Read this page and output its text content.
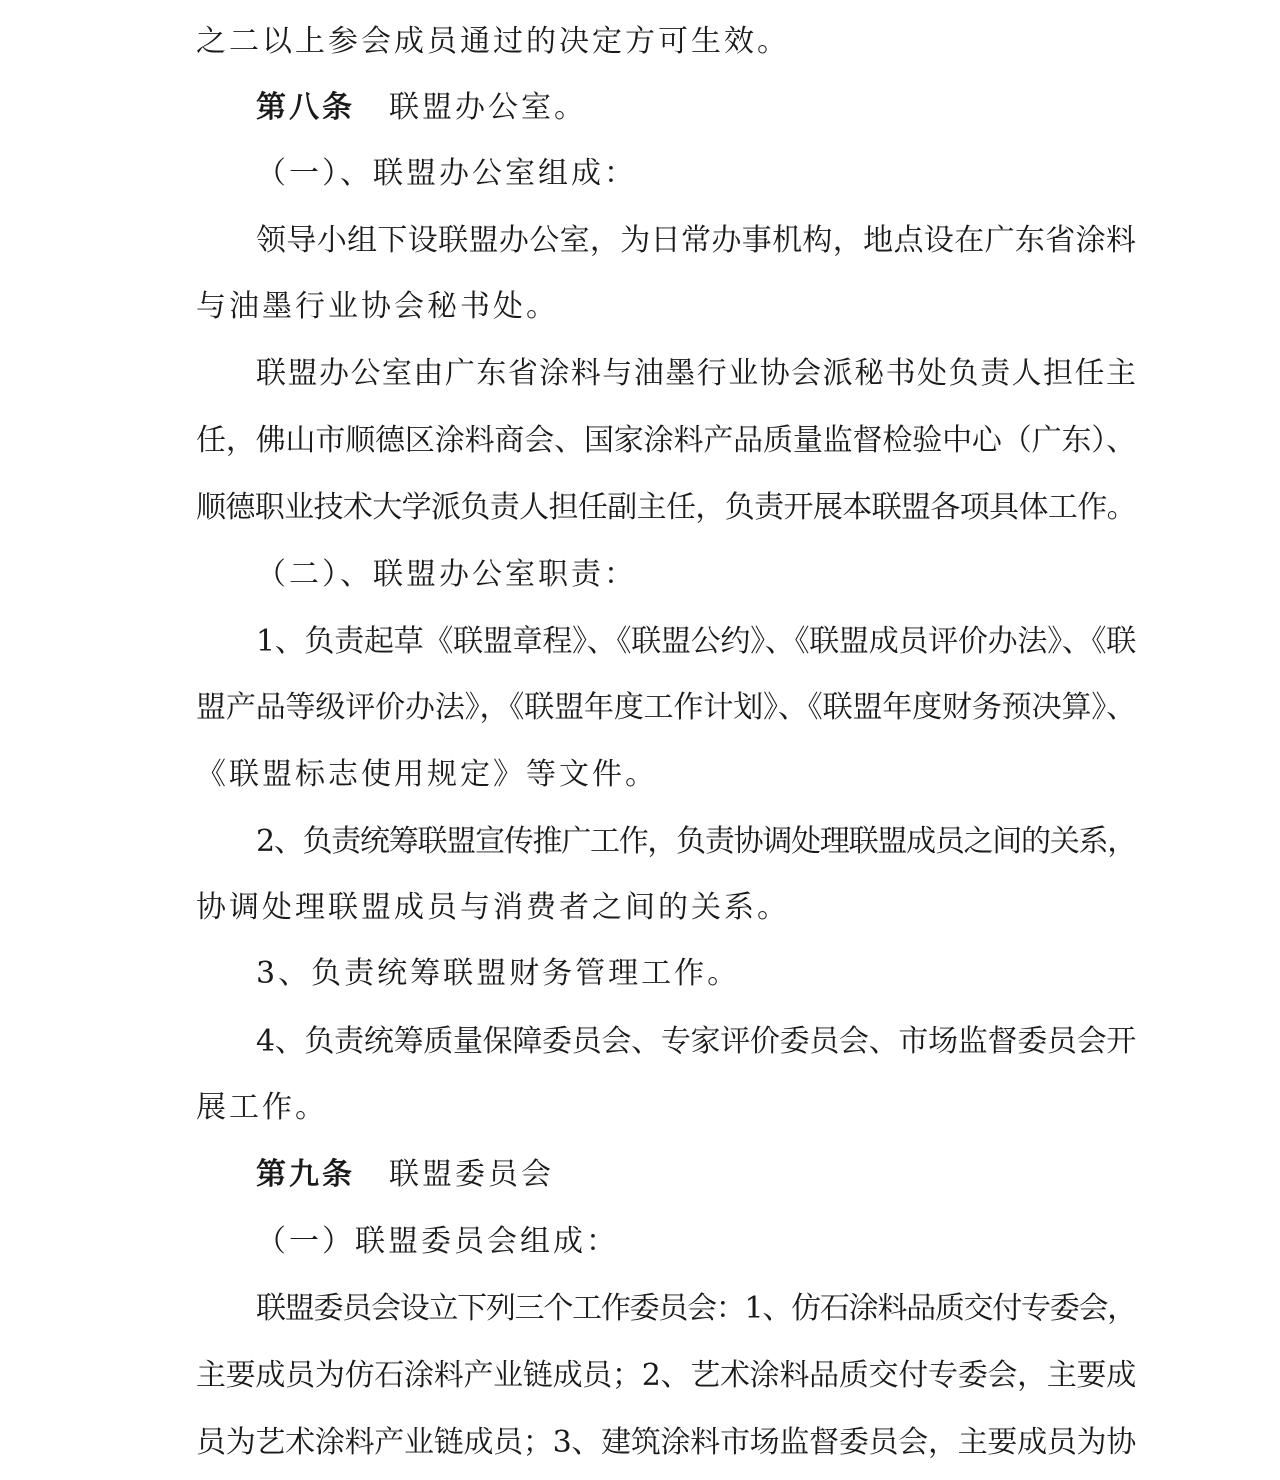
之二以上参会成员通过的决定方可生效。
第八条 联盟办公室。
（一）、联盟办公室组成：
领导小组下设联盟办公室，为日常办事机构，地点设在广东省涂料
与油墨行业协会秘书处。
联盟办公室由广东省涂料与油墨行业协会派秘书处负责人担任主
任，佛山市顺德区涂料商会、国家涂料产品质量监督检验中心（广东）、
顺德职业技术大学派负责人担任副主任，负责开展本联盟各项具体工作。
（二）、联盟办公室职责：
1、负责起草《联盟章程》、《联盟公约》、《联盟成员评价办法》、《联
盟产品等级评价办法》，《联盟年度工作计划》、《联盟年度财务预决算》、
《联盟标志使用规定》等文件。
2、负责统筹联盟宣传推广工作，负责协调处理联盟成员之间的关系，
协调处理联盟成员与消费者之间的关系。
3、负责统筹联盟财务管理工作。
4、负责统筹质量保障委员会、专家评价委员会、市场监督委员会开
展工作。
第九条 联盟委员会
（一）联盟委员会组成：
联盟委员会设立下列三个工作委员会：1、仿石涂料品质交付专委会，
主要成员为仿石涂料产业链成员；2、艺术涂料品质交付专委会，主要成
员为艺术涂料产业链成员；3、建筑涂料市场监督委员会，主要成员为协
